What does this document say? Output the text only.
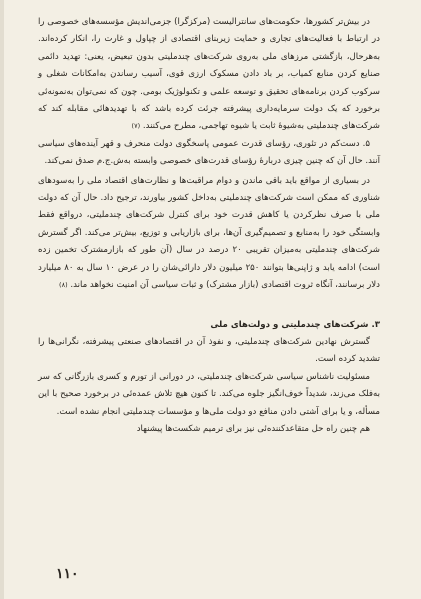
در بیش‌تر کشورها، حکومت‌های سانترالیست (مرکزگرا) جزمی‌اندیش مؤسسه‌های خصوصی را در ارتباط با فعالیت‌های تجاری و حمایت زیربنای اقتصادی از چپاول و غارت را، انکار کرده‌اند. به‌هرحال، بازگشتی مرزهای ملی به‌روی شرکت‌های چندملیتی بدون تبعیض، یعنی: تهدید دائمی صنایع کردن منابع کمیاب، بر باد دادن مسکوک ارزی قوی، آسیب رساندن به‌امکانات شغلی و سرکوب کردن برنامه‌های تحقیق و توسعه علمی و تکنولوژیک بومی. چون که نمی‌توان به‌نمونه‌ئی برخورد که یک دولت سرمایه‌داری پیشرفته جرئت کرده باشد که با تهدیدهائی مقابله کند که شرکت‌های چندملیتی به‌شیوهٔ ثابت یا شیوه تهاجمی، مطرح می‌کنند. (۷)

۵. دست‌کم در تئوری، رؤسای قدرت عمومی پاسخگوی دولت منحرف و قهر آینده‌های سیاسی آنند. حال آن که چنین چیزی دربارهٔ رؤسای قدرت‌های خصوصی وابسته به‌ش.ج.م صدق نمی‌کند.

در بسیاری از مواقع باید باقی ماندن و دوام مراقبت‌ها و نظارت‌های اقتصاد ملی را به‌سودهای شناوری که ممکن است شرکت‌های چندملیتی به‌داخل کشور بیاورند، ترجیح داد. حال آن که دولت ملی با صرف نظرکردن یا کاهش قدرت خود برای کنترل شرکت‌های چندملیتی، درواقع فقط وابستگی خود را به‌منابع و تصمیم‌گیری آن‌ها، برای بازاریابی و توزیع، بیش‌تر می‌کند. اگر گسترش شرکت‌های چندملیتی به‌میزان تقریبی ۲۰ درصد در سال (آن طور که بازارمشترک تخمین زده است) ادامه یابد و ژاپنی‌ها بتوانند ۲۵۰ میلیون دلار دارائی‌شان را در عرض ۱۰ سال به ۸۰ میلیارد دلار برسانند، آنگاه ثروت اقتصادی (بازار مشترک) و ثبات سیاسی آن امنیت نخواهد ماند. (۸)

۳. شرکت‌های چندملیتی و دولت‌های ملی

گسترش نهادین شرکت‌های چندملیتی، و نفوذ آن در اقتصادهای صنعتی پیشرفته، نگرانی‌ها را تشدید کرده است.

مسئولیت ناشناس سیاسی شرکت‌های چندملیتی، در دورانی از تورم و کسری بازرگانی که سر به‌فلک می‌زند، شدیداً خوف‌انگیز جلوه می‌کند. تا کنون هیچ تلاش عمده‌ئی در برخورد صحیح با این مسأله، و یا برای آشتی دادن منافع دو دولت ملی‌ها و مؤسسات چندملیتی انجام نشده است.

هم چنین راه حل متقاعدکننده‌ئی نیز برای ترمیم شکست‌ها پیشنهاد

۱۱۰
